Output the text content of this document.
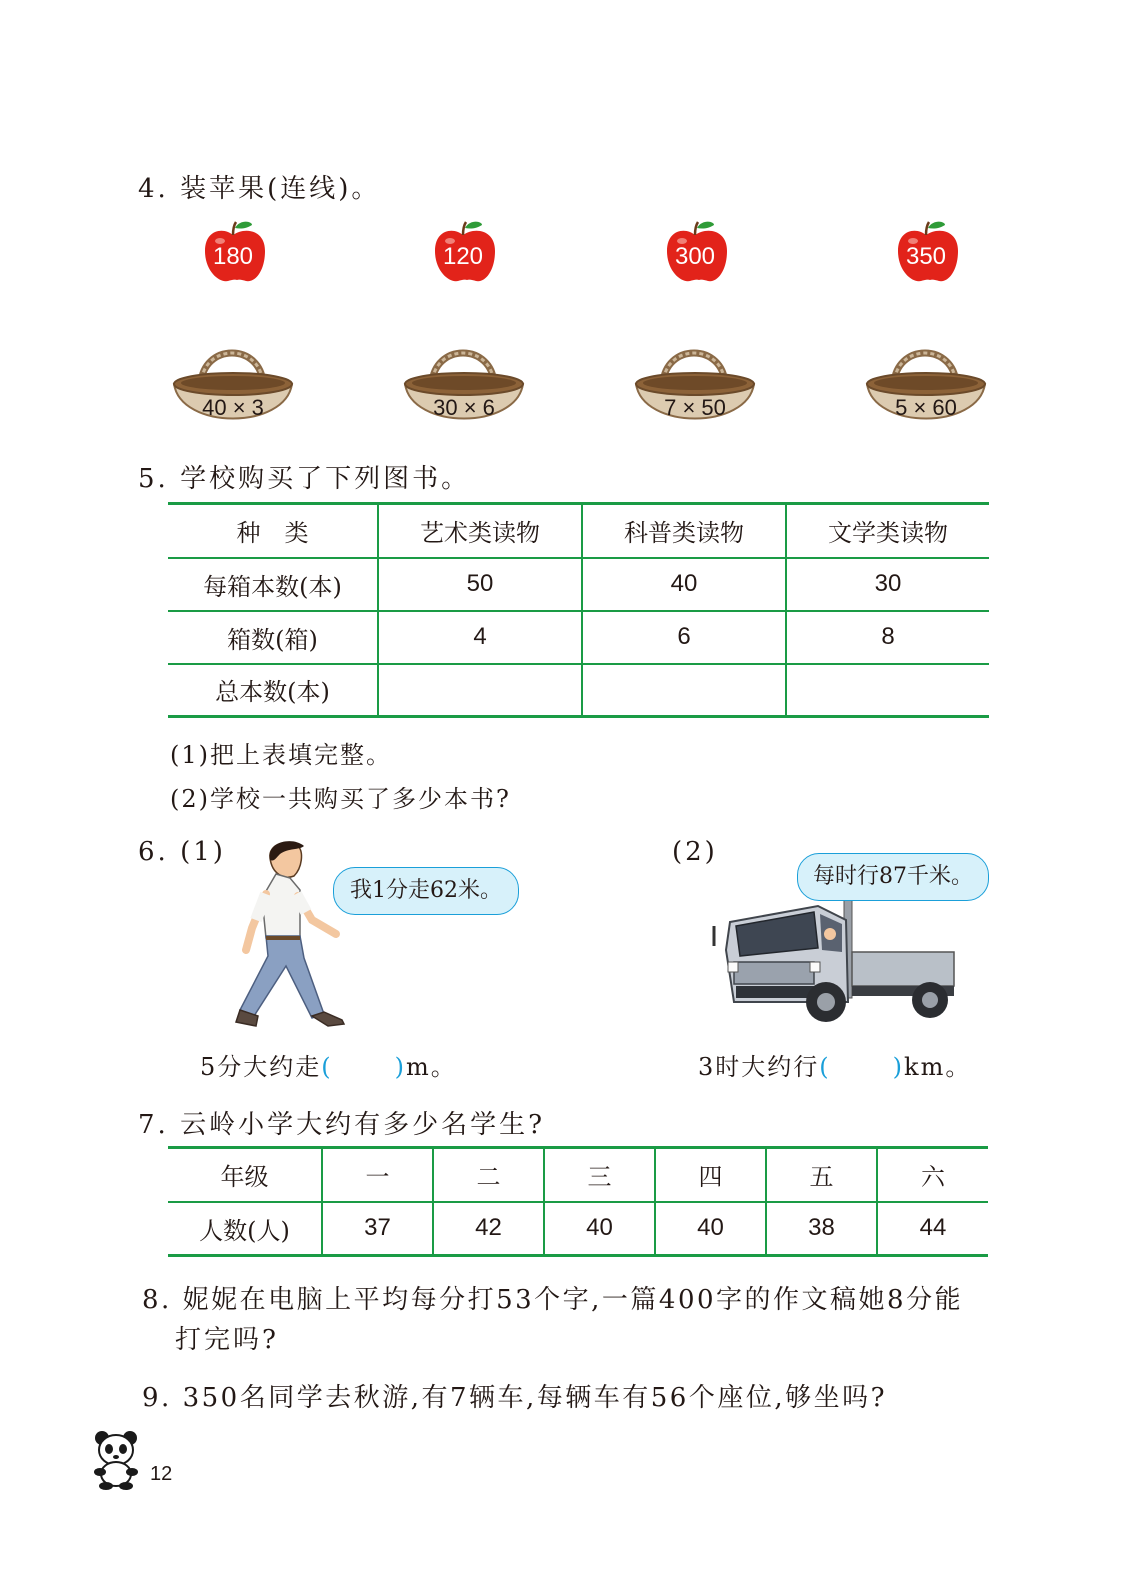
4. 装苹果(连线)。
180	120	300	350
40 × 3	30 × 6	7 × 50	5 × 60
5. 学校购买了下列图书。
种　类	艺术类读物	科普类读物	文学类读物
每箱本数(本)	50	40	30
箱数(箱)	4	6	8
总本数(本)			
(1)把上表填完整。
(2)学校一共购买了多少本书?
6. (1)	(2)
我1分走62米。
每时行87千米。
5分大约走(	)m。	3时大约行(	)km。
7. 云岭小学大约有多少名学生?
年级	一	二	三	四	五	六
人数(人)	37	42	40	40	38	44
8. 妮妮在电脑上平均每分打53个字,一篇400字的作文稿她8分能
打完吗?
9. 350名同学去秋游,有7辆车,每辆车有56个座位,够坐吗?
12
